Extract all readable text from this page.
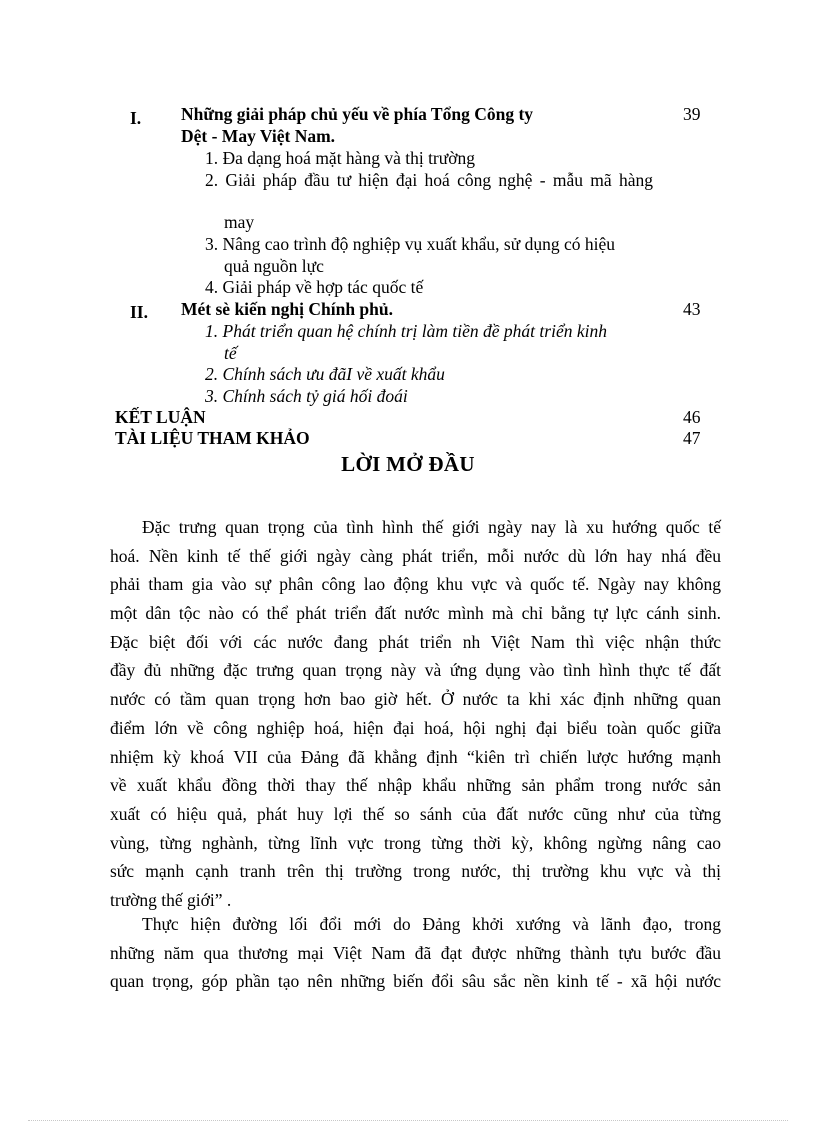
I. Những giải pháp chủ yếu về phía Tổng Công ty	39
Dệt - May Việt Nam.
1. Đa dạng hoá mặt hàng và thị trường
2. Giải pháp đầu tư hiện đại hoá công nghệ - mẫu mã hàng
may
3. Nâng cao trình độ nghiệp vụ xuất khẩu, sử dụng có hiệu
quả nguồn lực
4. Giải pháp về hợp tác quốc tế
II. Mét sè kiến nghị Chính phủ.	43
1. Phát triển quan hệ chính trị làm tiền đề phát triển kinh
tế
2. Chính sách ưu đãI về xuất khẩu
3. Chính sách tỷ giá hối đoái
KẾT LUẬN	46
TÀI LIỆU THAM KHẢO	47
LỜI MỞ ĐẦU
Đặc trưng quan trọng của tình hình thế giới ngày nay là xu hướng quốc tế
hoá. Nền kinh tế thế giới ngày càng phát triển, mỗi nước dù lớn hay nhá đều
phải tham gia vào sự phân công lao động khu vực và quốc tế. Ngày nay không
một dân tộc nào có thể phát triển đất nước mình mà chỉ bằng tự lực cánh sinh.
Đặc biệt đối với các nước đang phát triển nh Việt Nam thì việc nhận thức
đầy đủ những đặc trưng quan trọng này và ứng dụng vào tình hình thực tế đất
nước có tầm quan trọng hơn bao giờ hết. Ở nước ta khi xác định những quan
điểm lớn về công nghiệp hoá, hiện đại hoá, hội nghị đại biểu toàn quốc giữa
nhiệm kỳ khoá VII của Đảng đã khẳng định “kiên trì chiến lược hướng mạnh
về xuất khẩu đồng thời thay thế nhập khẩu những sản phẩm trong nước sản
xuất có hiệu quả, phát huy lợi thế so sánh của đất nước cũng như của từng
vùng, từng nghành, từng lĩnh vực trong từng thời kỳ, không ngừng nâng cao
sức mạnh cạnh tranh trên thị trường trong nước, thị trường khu vực và thị
trường thế giới” .
Thực hiện đường lối đổi mới do Đảng khởi xướng và lãnh đạo, trong
những năm qua thương mại Việt Nam đã đạt được những thành tựu bước đầu
quan trọng, góp phần tạo nên những biến đổi sâu sắc nền kinh tế - xã hội nước
